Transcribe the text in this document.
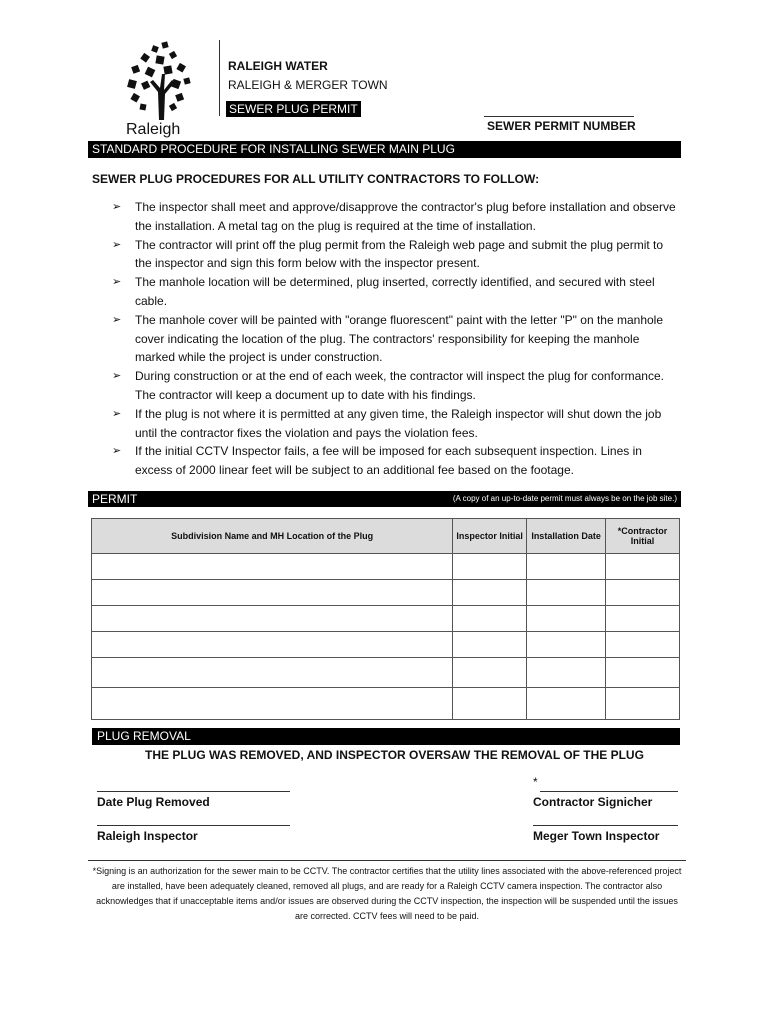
Raleigh
RALEIGH WATER
RALEIGH & MERGER TOWN
SEWER PLUG PERMIT
SEWER PERMIT NUMBER
STANDARD PROCEDURE FOR INSTALLING SEWER MAIN PLUG
SEWER PLUG PROCEDURES FOR ALL UTILITY CONTRACTORS TO FOLLOW:
➢ The inspector shall meet and approve/disapprove the contractor's plug before installation and observe the installation. A metal tag on the plug is required at the time of installation.
➢ The contractor will print off the plug permit from the Raleigh web page and submit the plug permit to the inspector and sign this form below with the inspector present.
➢ The manhole location will be determined, plug inserted, correctly identified, and secured with steel cable.
➢ The manhole cover will be painted with "orange fluorescent" paint with the letter "P" on the manhole cover indicating the location of the plug. The contractors' responsibility for keeping the manhole marked while the project is under construction.
➢ During construction or at the end of each week, the contractor will inspect the plug for conformance. The contractor will keep a document up to date with his findings.
➢ If the plug is not where it is permitted at any given time, the Raleigh inspector will shut down the job until the contractor fixes the violation and pays the violation fees.
➢ If the initial CCTV Inspector fails, a fee will be imposed for each subsequent inspection. Lines in excess of 2000 linear feet will be subject to an additional fee based on the footage.
PERMIT	(A copy of an up-to-date permit must always be on the job site.)
Subdivision Name and MH Location of the Plug	Inspector Initial	Installation Date	*Contractor Initial

PLUG REMOVAL
THE PLUG WAS REMOVED, AND INSPECTOR OVERSAW THE REMOVAL OF THE PLUG
Date Plug Removed
*
Contractor Signicher
Raleigh Inspector	Meger Town Inspector
*Signing is an authorization for the sewer main to be CCTV. The contractor certifies that the utility lines associated with the above-referenced project are installed, have been adequately cleaned, removed all plugs, and are ready for a Raleigh CCTV camera inspection. The contractor also acknowledges that if unacceptable items and/or issues are observed during the CCTV inspection, the inspection will be suspended until the issues are corrected. CCTV fees will need to be paid.
